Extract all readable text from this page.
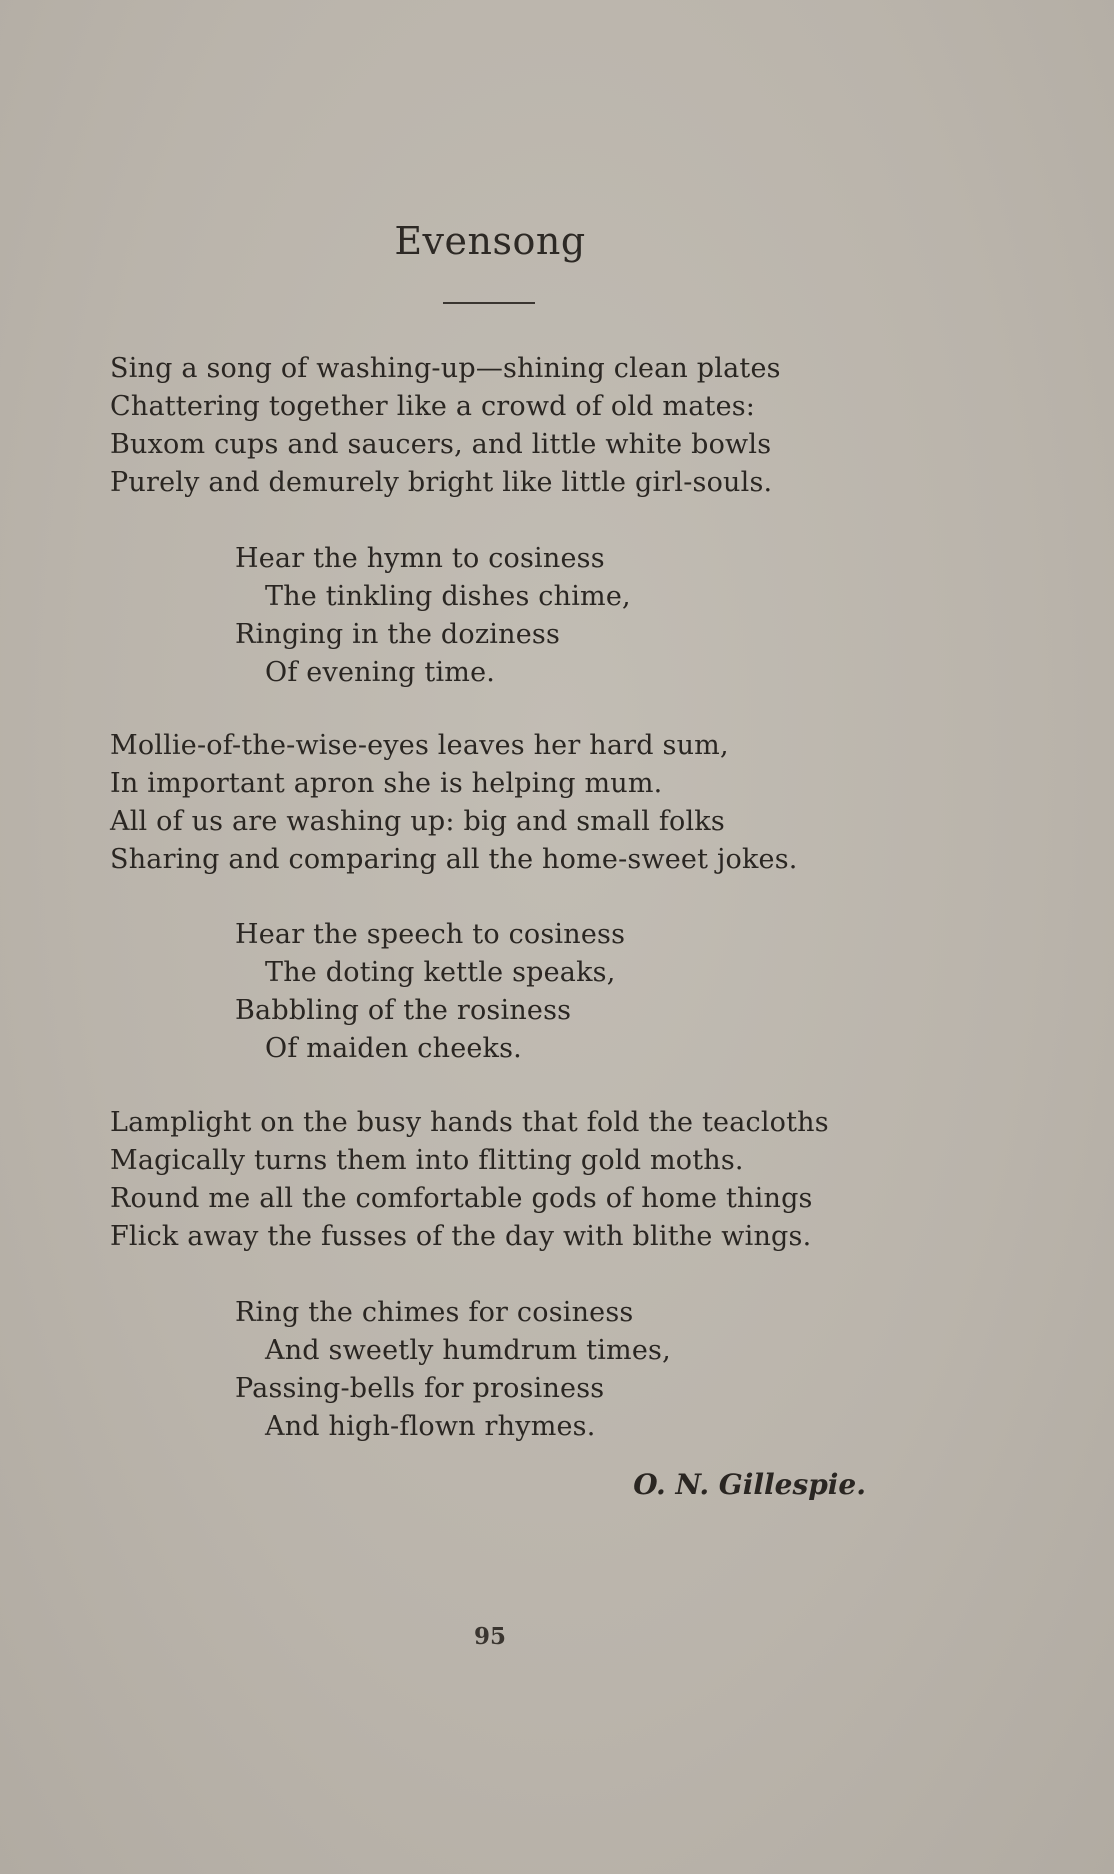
Evensong
Sing a song of washing-up—shining clean plates
Chattering together like a crowd of old mates:
Buxom cups and saucers, and little white bowls
Purely and demurely bright like little girl-souls.
Hear the hymn to cosiness
The tinkling dishes chime,
Ringing in the doziness
Of evening time.
Mollie-of-the-wise-eyes leaves her hard sum,
In important apron she is helping mum.
All of us are washing up: big and small folks
Sharing and comparing all the home-sweet jokes.
Hear the speech to cosiness
The doting kettle speaks,
Babbling of the rosiness
Of maiden cheeks.
Lamplight on the busy hands that fold the teacloths
Magically turns them into flitting gold moths.
Round me all the comfortable gods of home things
Flick away the fusses of the day with blithe wings.
Ring the chimes for cosiness
And sweetly humdrum times,
Passing-bells for prosiness
And high-flown rhymes.
O. N. Gillespie.
95
